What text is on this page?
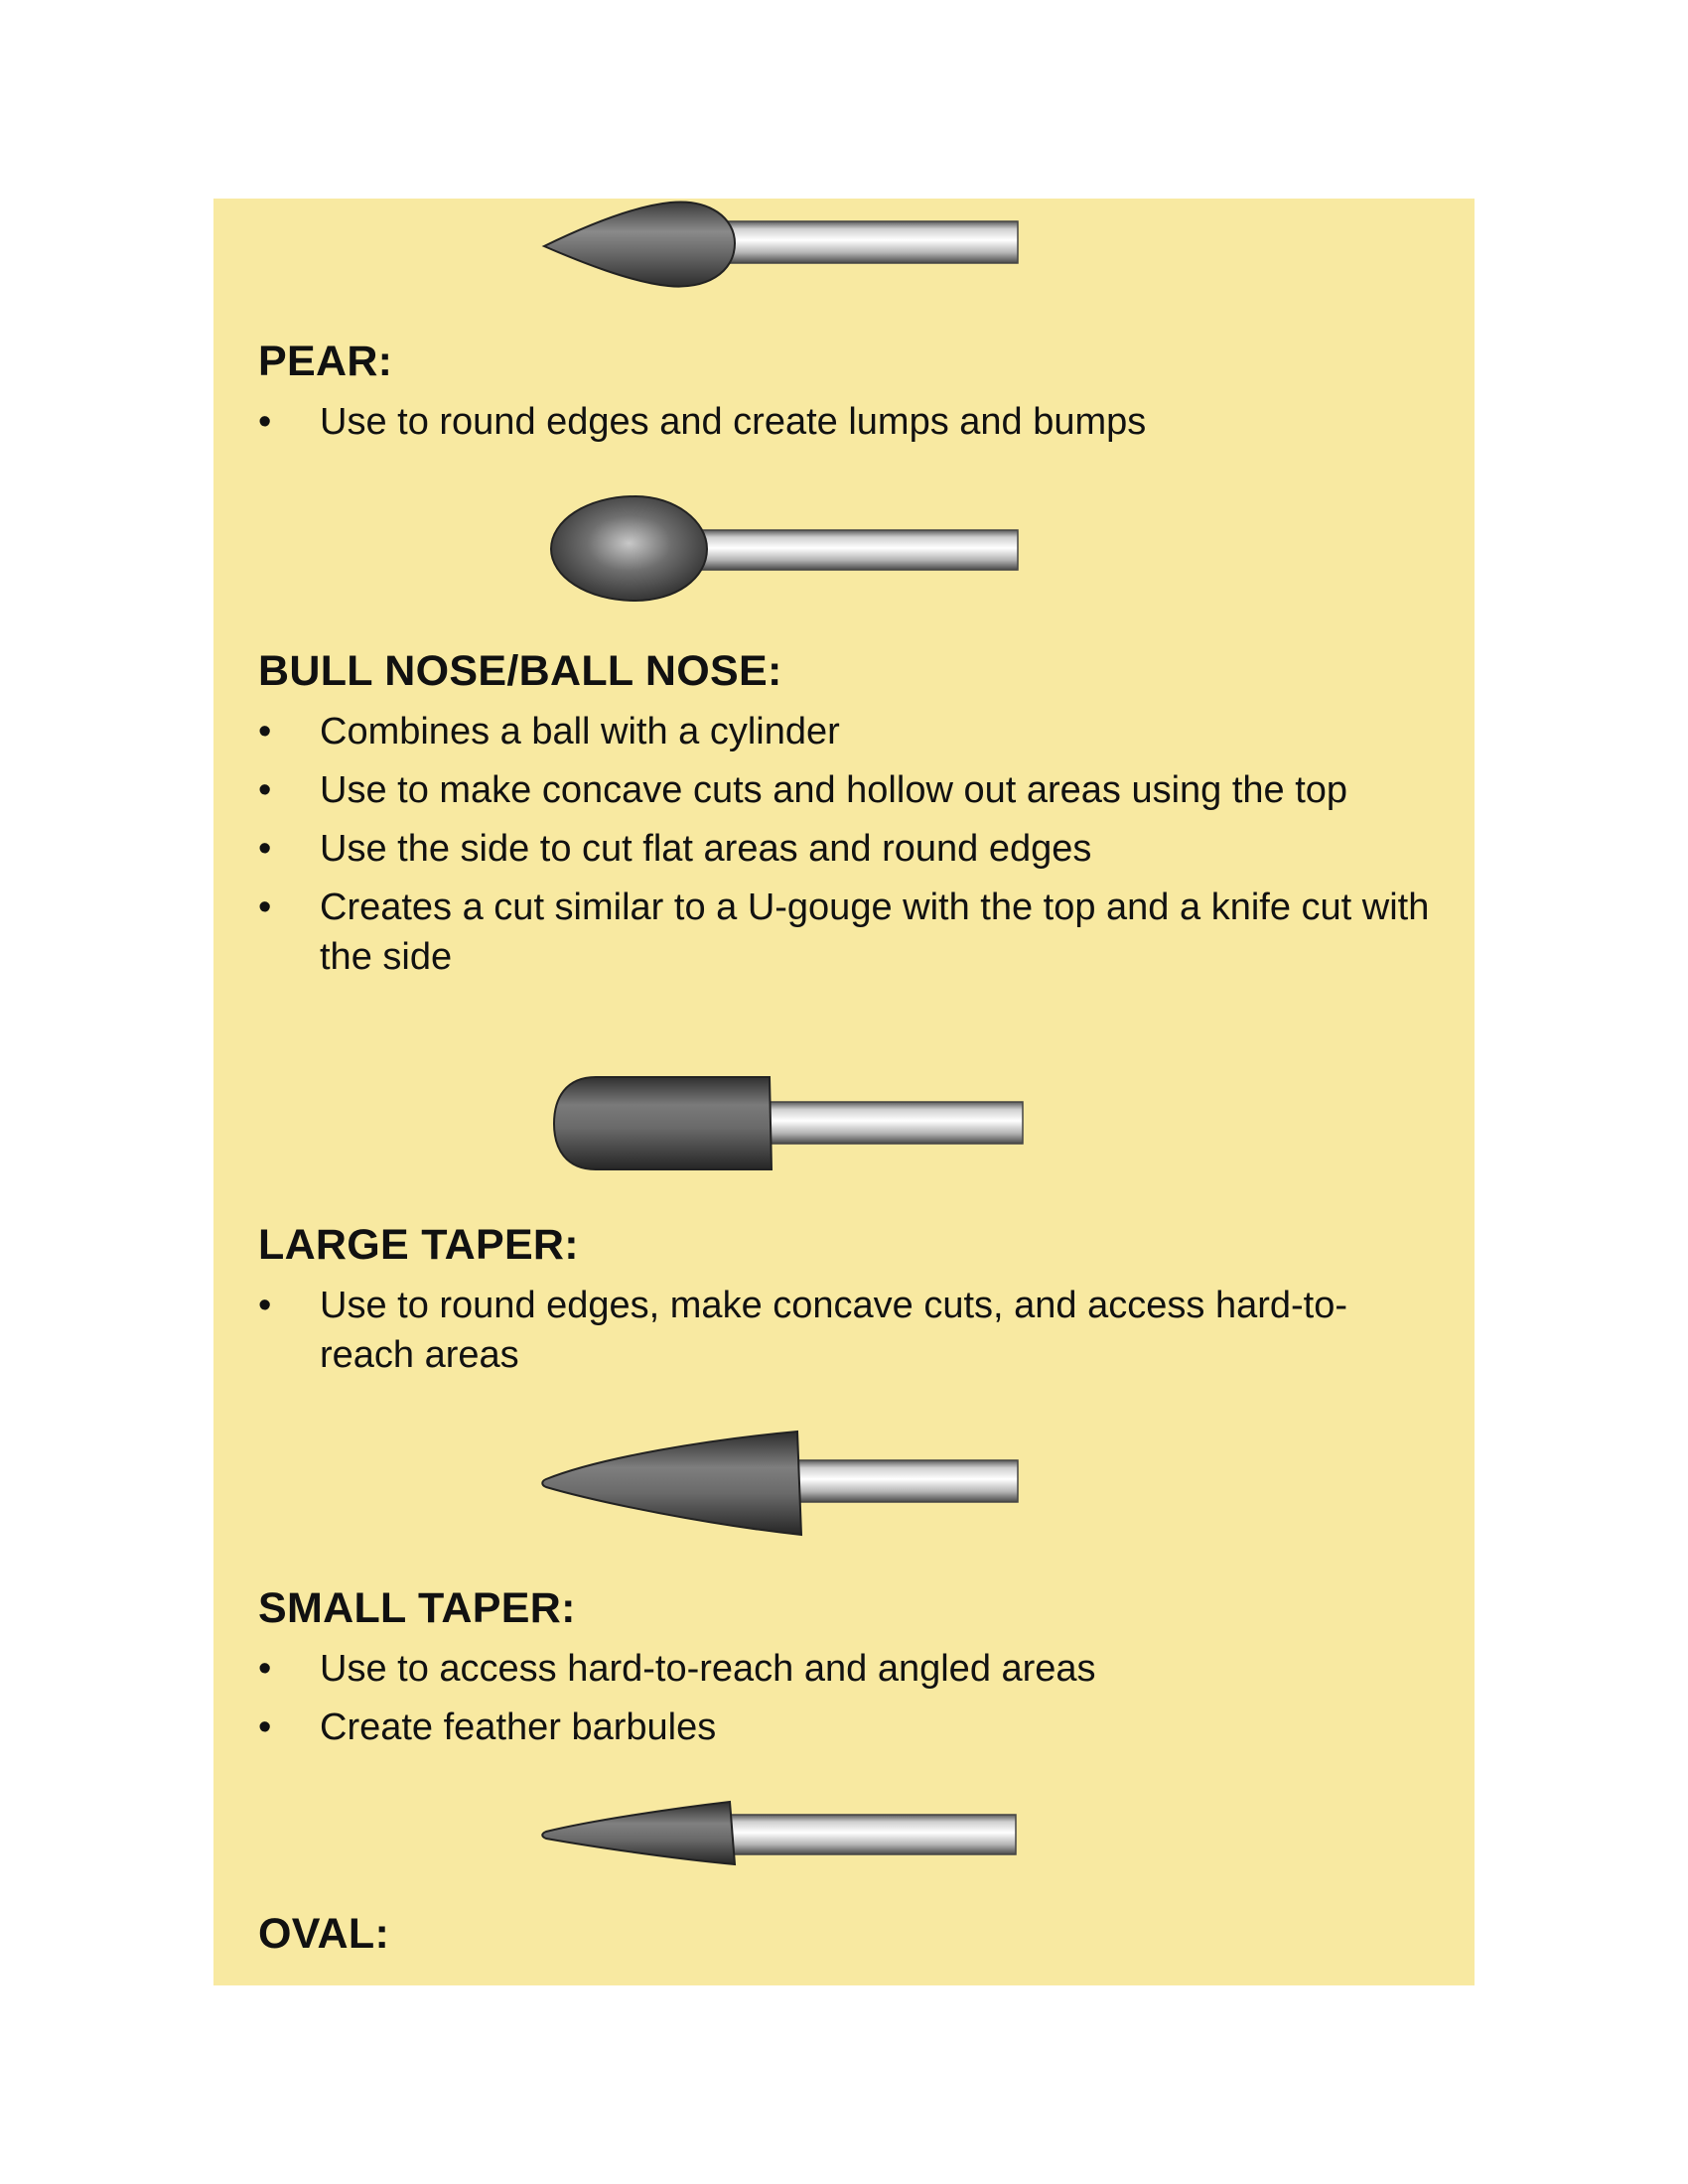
PEAR:
• Use to round edges and create lumps and bumps
BULL NOSE/BALL NOSE:
• Combines a ball with a cylinder
• Use to make concave cuts and hollow out areas using the top
• Use the side to cut flat areas and round edges
• Creates a cut similar to a U-gouge with the top and a knife cut with the side
LARGE TAPER:
• Use to round edges, make concave cuts, and access hard-to-reach areas
SMALL TAPER:
• Use to access hard-to-reach and angled areas
• Create feather barbules
OVAL:
